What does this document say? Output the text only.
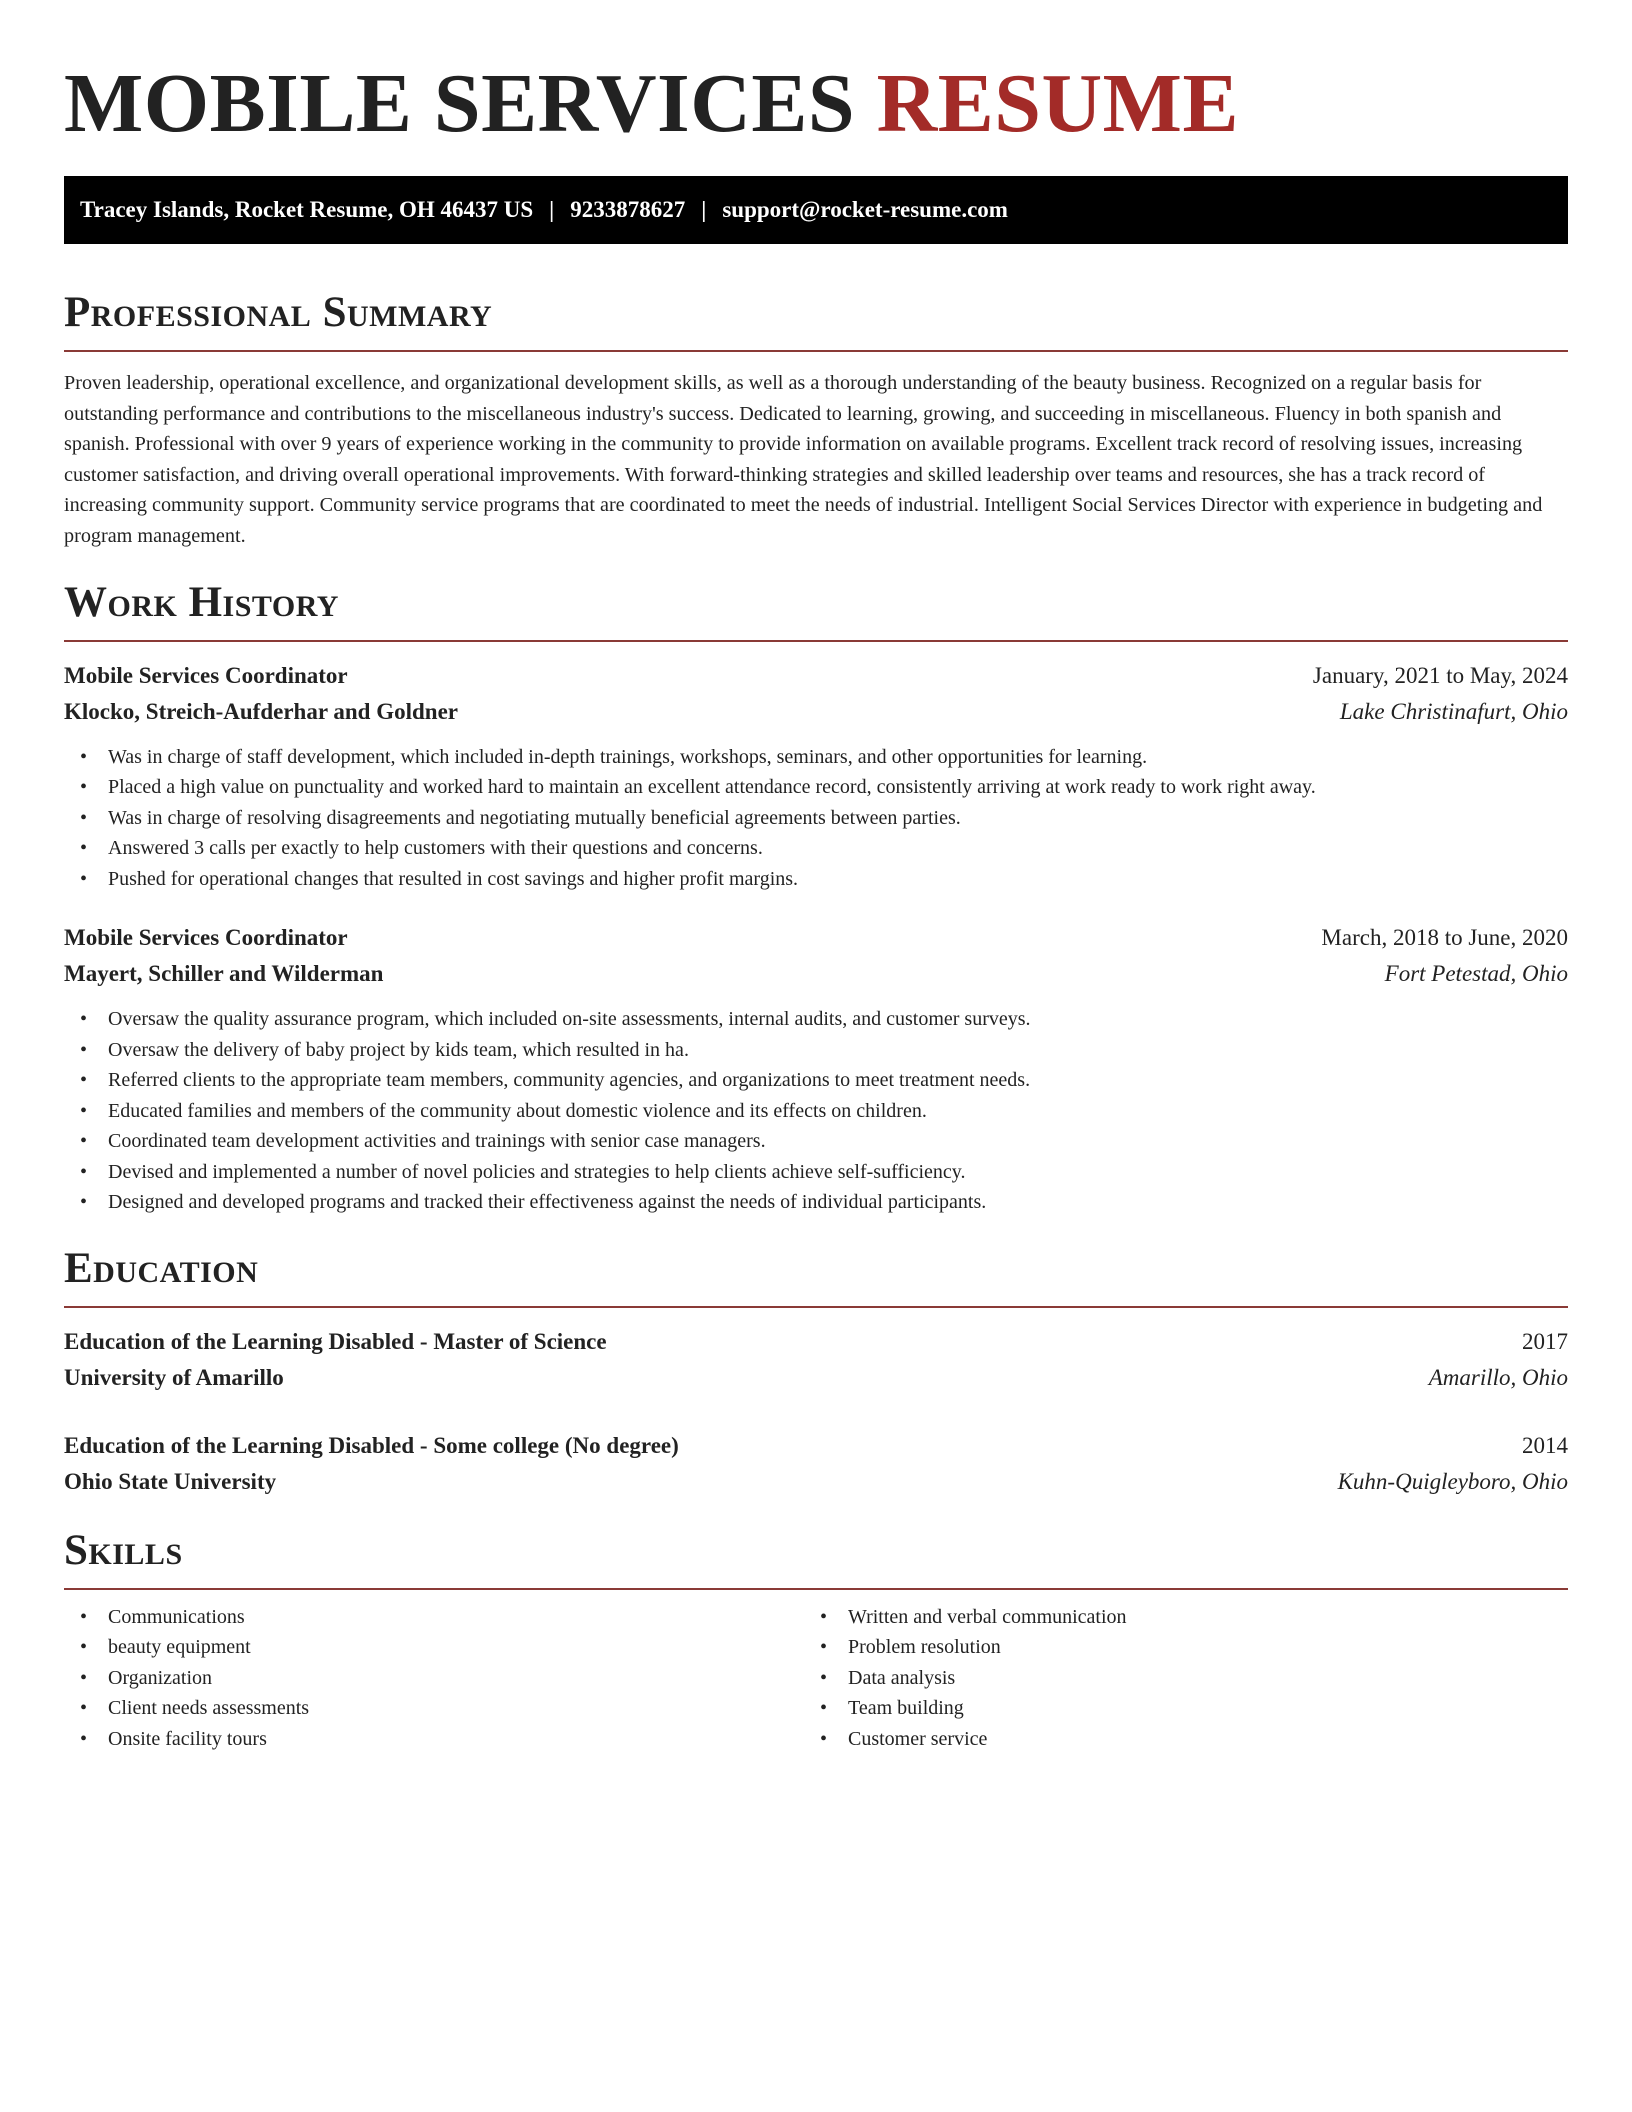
MOBILE SERVICES RESUME
Tracey Islands, Rocket Resume, OH 46437 US | 9233878627 | support@rocket-resume.com
Professional Summary

Proven leadership, operational excellence, and organizational development skills, as well as a thorough understanding of the beauty business. Recognized on a regular basis for outstanding performance and contributions to the miscellaneous industry's success. Dedicated to learning, growing, and succeeding in miscellaneous. Fluency in both spanish and spanish. Professional with over 9 years of experience working in the community to provide information on available programs. Excellent track record of resolving issues, increasing customer satisfaction, and driving overall operational improvements. With forward-thinking strategies and skilled leadership over teams and resources, she has a track record of increasing community support. Community service programs that are coordinated to meet the needs of industrial. Intelligent Social Services Director with experience in budgeting and program management.

Work History
Mobile Services Coordinator	January, 2021 to May, 2024
Klocko, Streich-Aufderhar and Goldner	Lake Christinafurt, Ohio
• Was in charge of staff development, which included in-depth trainings, workshops, seminars, and other opportunities for learning.
• Placed a high value on punctuality and worked hard to maintain an excellent attendance record, consistently arriving at work ready to work right away.
• Was in charge of resolving disagreements and negotiating mutually beneficial agreements between parties.
• Answered 3 calls per exactly to help customers with their questions and concerns.
• Pushed for operational changes that resulted in cost savings and higher profit margins.
Mobile Services Coordinator	March, 2018 to June, 2020
Mayert, Schiller and Wilderman	Fort Petestad, Ohio
• Oversaw the quality assurance program, which included on-site assessments, internal audits, and customer surveys.
• Oversaw the delivery of baby project by kids team, which resulted in ha.
• Referred clients to the appropriate team members, community agencies, and organizations to meet treatment needs.
• Educated families and members of the community about domestic violence and its effects on children.
• Coordinated team development activities and trainings with senior case managers.
• Devised and implemented a number of novel policies and strategies to help clients achieve self-sufficiency.
• Designed and developed programs and tracked their effectiveness against the needs of individual participants.
Education
Education of the Learning Disabled - Master of Science	2017
University of Amarillo	Amarillo, Ohio
Education of the Learning Disabled - Some college (No degree)	2014
Ohio State University	Kuhn-Quigleyboro, Ohio
Skills
• Communications
• beauty equipment
• Organization
• Client needs assessments
• Onsite facility tours
• Written and verbal communication
• Problem resolution
• Data analysis
• Team building
• Customer service
